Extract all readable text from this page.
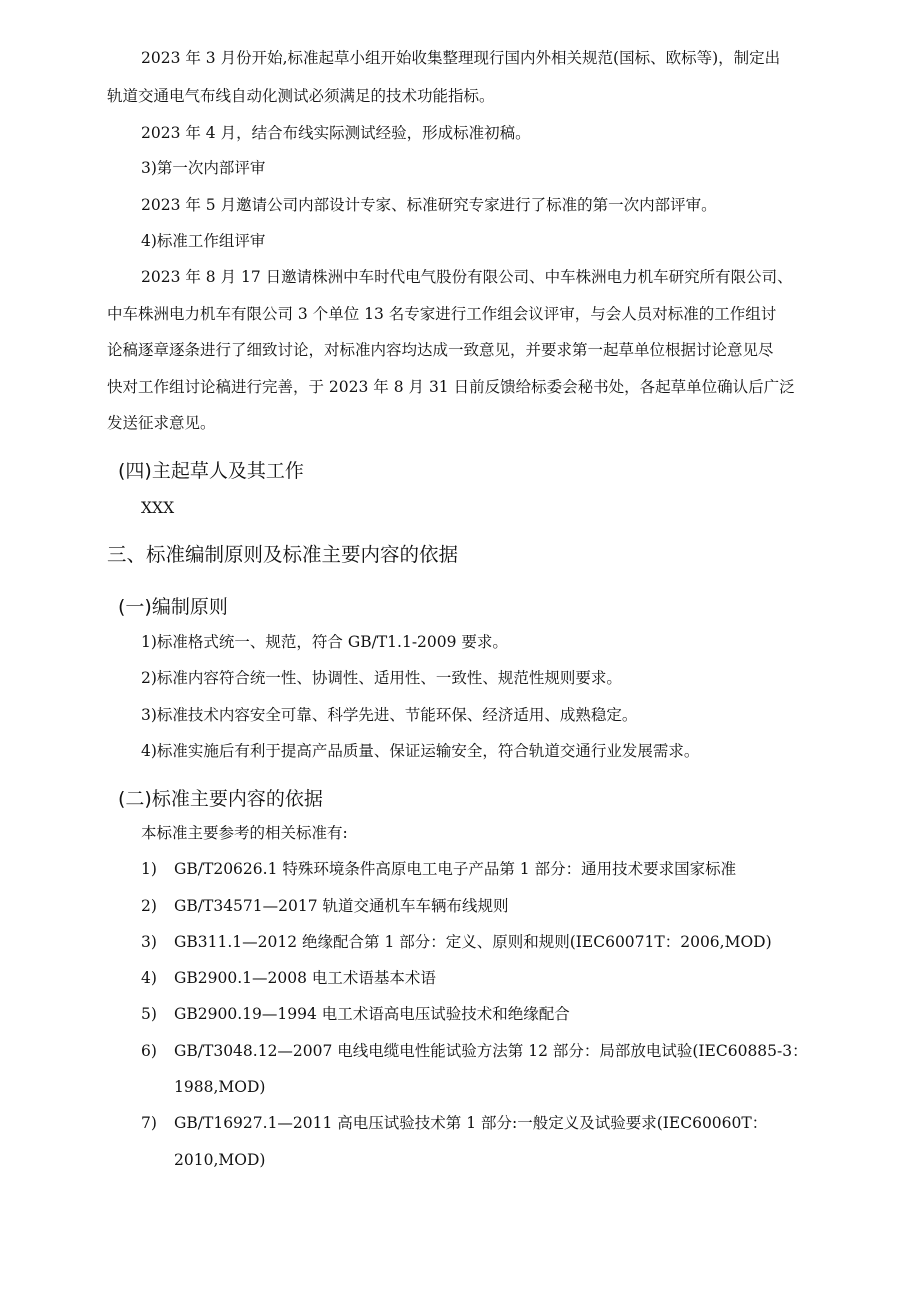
2023 年 3 月份开始,标准起草小组开始收集整理现行国内外相关规范(国标、欧标等)，制定出

轨道交通电气布线自动化测试必须满足的技术功能指标。

2023 年 4 月，结合布线实际测试经验，形成标准初稿。

3)第一次内部评审

2023 年 5 月邀请公司内部设计专家、标准研究专家进行了标准的第一次内部评审。

4)标准工作组评审

2023 年 8 月 17 日邀请株洲中车时代电气股份有限公司、中车株洲电力机车研究所有限公司、

中车株洲电力机车有限公司 3 个单位 13 名专家进行工作组会议评审，与会人员对标准的工作组讨

论稿逐章逐条进行了细致讨论，对标准内容均达成一致意见，并要求第一起草单位根据讨论意见尽

快对工作组讨论稿进行完善，于 2023 年 8 月 31 日前反馈给标委会秘书处，各起草单位确认后广泛

发送征求意见。

(四)主起草人及其工作

XXX

三、标准编制原则及标准主要内容的依据
(一)编制原则

1)标准格式统一、规范，符合 GB/T1.1-2009 要求。

2)标准内容符合统一性、协调性、适用性、一致性、规范性规则要求。

3)标准技术内容安全可靠、科学先进、节能环保、经济适用、成熟稳定。

4)标准实施后有利于提高产品质量、保证运输安全，符合轨道交通行业发展需求。

(二)标准主要内容的依据

本标准主要参考的相关标准有:

1) GB/T20626.1 特殊环境条件高原电工电子产品第 1 部分：通用技术要求国家标准
2) GB/T34571—2017 轨道交通机车车辆布线规则
3) GB311.1—2012 绝缘配合第 1 部分：定义、原则和规则(IEC60071T：2006,MOD)
4) GB2900.1—2008 电工术语基本术语
5) GB2900.19—1994 电工术语高电压试验技术和绝缘配合
6) GB/T3048.12—2007 电线电缆电性能试验方法第 12 部分：局部放电试验(IEC60885-3：

1988,MOD)

7) GB/T16927.1—2011 高电压试验技术第 1 部分:一般定义及试验要求(IEC60060T：

2010,MOD)
